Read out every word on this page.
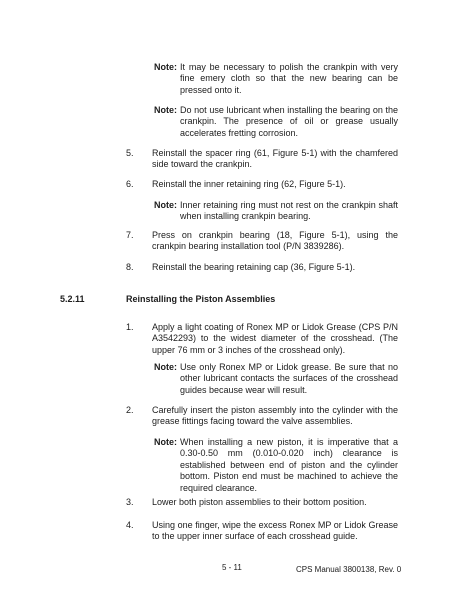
Note: It may be necessary to polish the crankpin with very fine emery cloth so that the new bearing can be pressed onto it.
Note: Do not use lubricant when installing the bearing on the crankpin. The presence of oil or grease usually accelerates fretting corrosion.
5. Reinstall the spacer ring (61, Figure 5-1) with the chamfered side toward the crankpin.
6. Reinstall the inner retaining ring (62, Figure 5-1).
Note: Inner retaining ring must not rest on the crankpin shaft when installing crankpin bearing.
7. Press on crankpin bearing (18, Figure 5-1), using the crankpin bearing installation tool (P/N 3839286).
8. Reinstall the bearing retaining cap (36, Figure 5-1).
5.2.11	Reinstalling the Piston Assemblies
1. Apply a light coating of Ronex MP or Lidok Grease (CPS P/N A3542293) to the widest diameter of the crosshead. (The upper 76 mm or 3 inches of the crosshead only).
Note: Use only Ronex MP or Lidok grease. Be sure that no other lubricant contacts the surfaces of the crosshead guides because wear will result.
2. Carefully insert the piston assembly into the cylinder with the grease fittings facing toward the valve assemblies.
Note: When installing a new piston, it is imperative that a 0.30-0.50 mm (0.010-0.020 inch) clearance is established between end of piston and the cylinder bottom. Piston end must be machined to achieve the required clearance.
3. Lower both piston assemblies to their bottom position.
4. Using one finger, wipe the excess Ronex MP or Lidok Grease to the upper inner surface of each crosshead guide.
5 - 11	CPS Manual 3800138, Rev. 0
